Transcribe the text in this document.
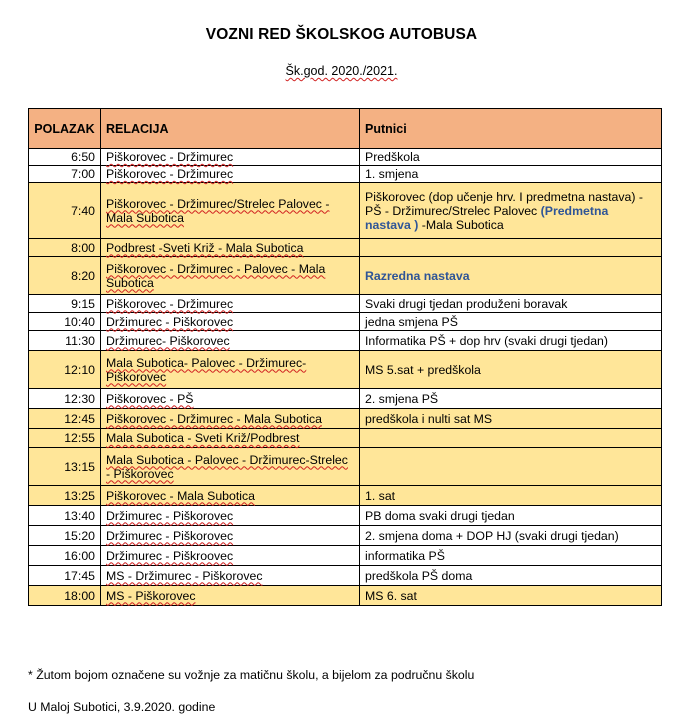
VOZNI RED ŠKOLSKOG AUTOBUSA
Šk.god. 2020./2021.
POLAZAK	RELACIJA	Putnici
6:50	Piškorovec - Držimurec	Predškola
7:00	Piškorovec - Držimurec	1. smjena
7:40	Piškorovec - Držimurec/Strelec Palovec - Mala Subotica	Piškorovec (dop učenje hrv. I predmetna nastava) - PŠ - Držimurec/Strelec Palovec (Predmetna nastava ) -Mala Subotica
8:00	Podbrest -Sveti Križ - Mala Subotica	
8:20	Piškorovec - Držimurec - Palovec - Mala Subotica	Razredna nastava
9:15	Piškorovec - Držimurec	Svaki drugi tjedan produženi boravak
10:40	Držimurec - Piškorovec	jedna smjena PŠ
11:30	Držimurec- Piškorovec	Informatika PŠ + dop hrv (svaki drugi tjedan)
12:10	Mala Subotica- Palovec - Držimurec-Piškorovec	MS 5.sat + predškola
12:30	Piškorovec - PŠ	2. smjena PŠ
12:45	Piškorovec - Držimurec - Mala Subotica	predškola i nulti sat MS
12:55	Mala Subotica - Sveti Križ/Podbrest	
13:15	Mala Subotica - Palovec - Držimurec-Strelec - Piškorovec	
13:25	Piškorovec - Mala Subotica	1. sat
13:40	Držimurec - Piškorovec	PB doma svaki drugi tjedan
15:20	Držimurec - Piškorovec	2. smjena doma + DOP HJ (svaki drugi tjedan)
16:00	Držimurec - Piškroovec	informatika PŠ
17:45	MS - Držimurec - Piškorovec	predškola PŠ doma
18:00	MS - Piškorovec	MS 6. sat
* Žutom bojom označene su vožnje za matičnu školu, a bijelom za područnu školu
U Maloj Subotici, 3.9.2020. godine
